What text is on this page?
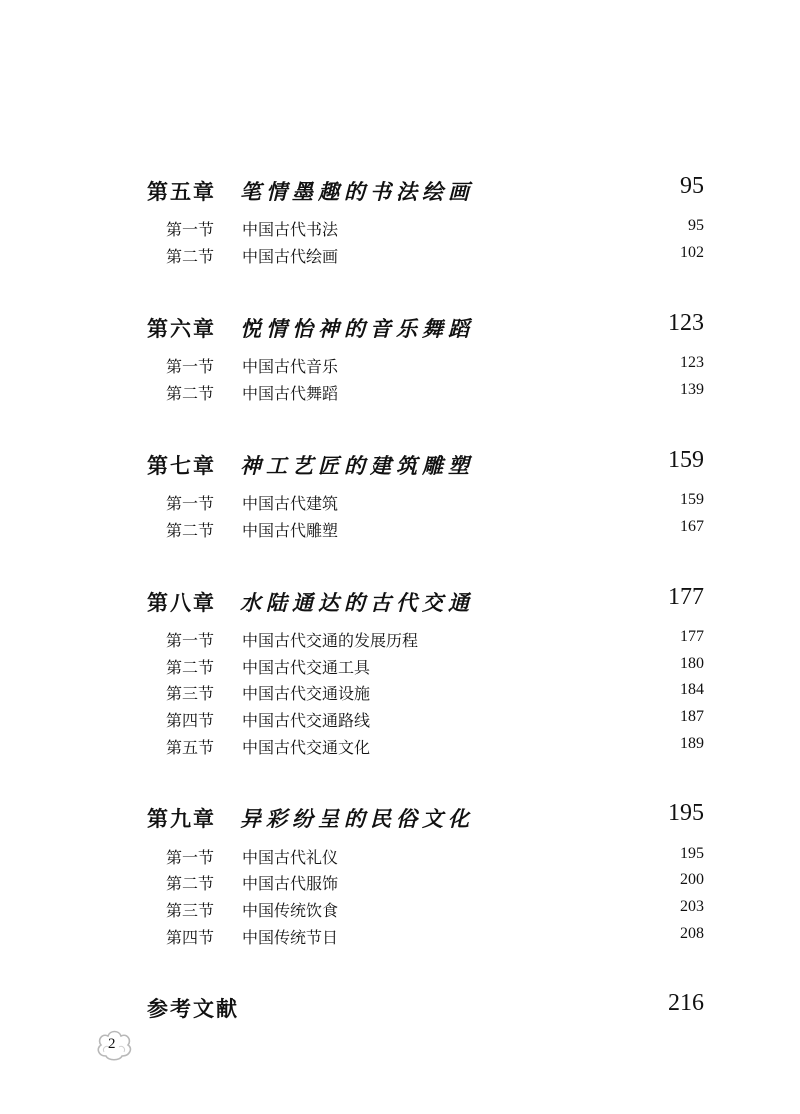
第五章 笔情墨趣的书法绘画	95
第一节 中国古代书法	95
第二节 中国古代绘画	102
第六章 悦情怡神的音乐舞蹈	123
第一节 中国古代音乐	123
第二节 中国古代舞蹈	139
第七章 神工艺匠的建筑雕塑	159
第一节 中国古代建筑	159
第二节 中国古代雕塑	167
第八章 水陆通达的古代交通	177
第一节 中国古代交通的发展历程	177
第二节 中国古代交通工具	180
第三节 中国古代交通设施	184
第四节 中国古代交通路线	187
第五节 中国古代交通文化	189
第九章 异彩纷呈的民俗文化	195
第一节 中国古代礼仪	195
第二节 中国古代服饰	200
第三节 中国传统饮食	203
第四节 中国传统节日	208
参考文献	216
2
